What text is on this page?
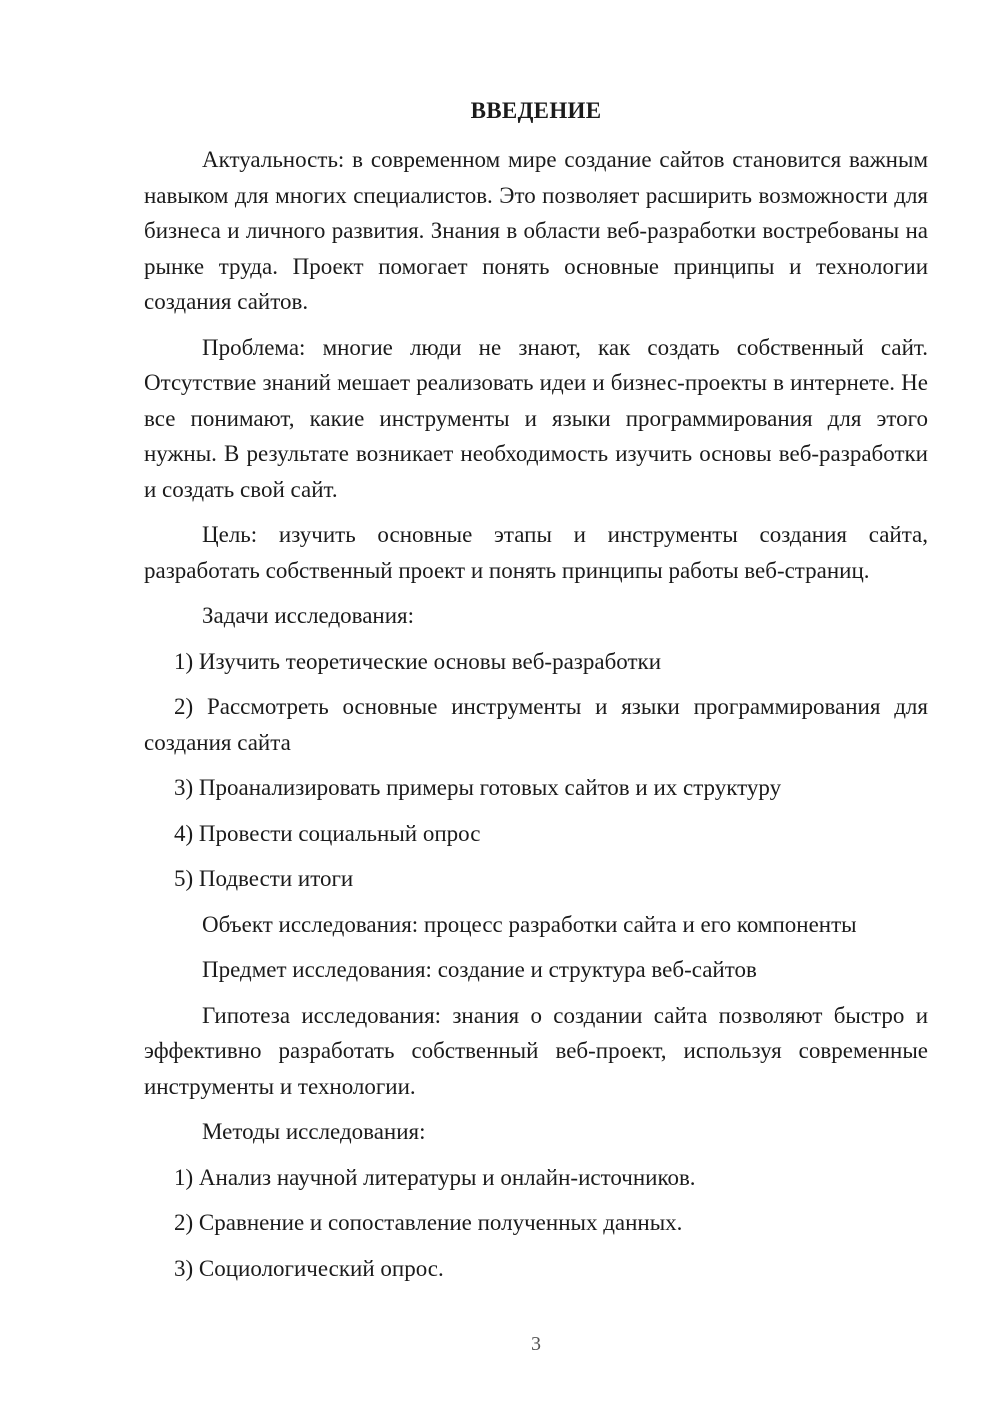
ВВЕДЕНИЕ

Актуальность: в современном мире создание сайтов становится важным навыком для многих специалистов. Это позволяет расширить возможности для бизнеса и личного развития. Знания в области веб-разработки востребованы на рынке труда. Проект помогает понять основные принципы и технологии создания сайтов.

Проблема: многие люди не знают, как создать собственный сайт. Отсутствие знаний мешает реализовать идеи и бизнес-проекты в интернете. Не все понимают, какие инструменты и языки программирования для этого нужны. В результате возникает необходимость изучить основы веб-разработки и создать свой сайт.

Цель: изучить основные этапы и инструменты создания сайта, разработать собственный проект и понять принципы работы веб-страниц.

Задачи исследования:
1) Изучить теоретические основы веб-разработки
2) Рассмотреть основные инструменты и языки программирования для создания сайта
3) Проанализировать примеры готовых сайтов и их структуру
4) Провести социальный опрос
5) Подвести итоги
Объект исследования: процесс разработки сайта и его компоненты
Предмет исследования: создание и структура веб-сайтов

Гипотеза исследования: знания о создании сайта позволяют быстро и эффективно разработать собственный веб-проект, используя современные инструменты и технологии.

Методы исследования:
1) Анализ научной литературы и онлайн-источников.
2) Сравнение и сопоставление полученных данных.
3) Социологический опрос.
3
